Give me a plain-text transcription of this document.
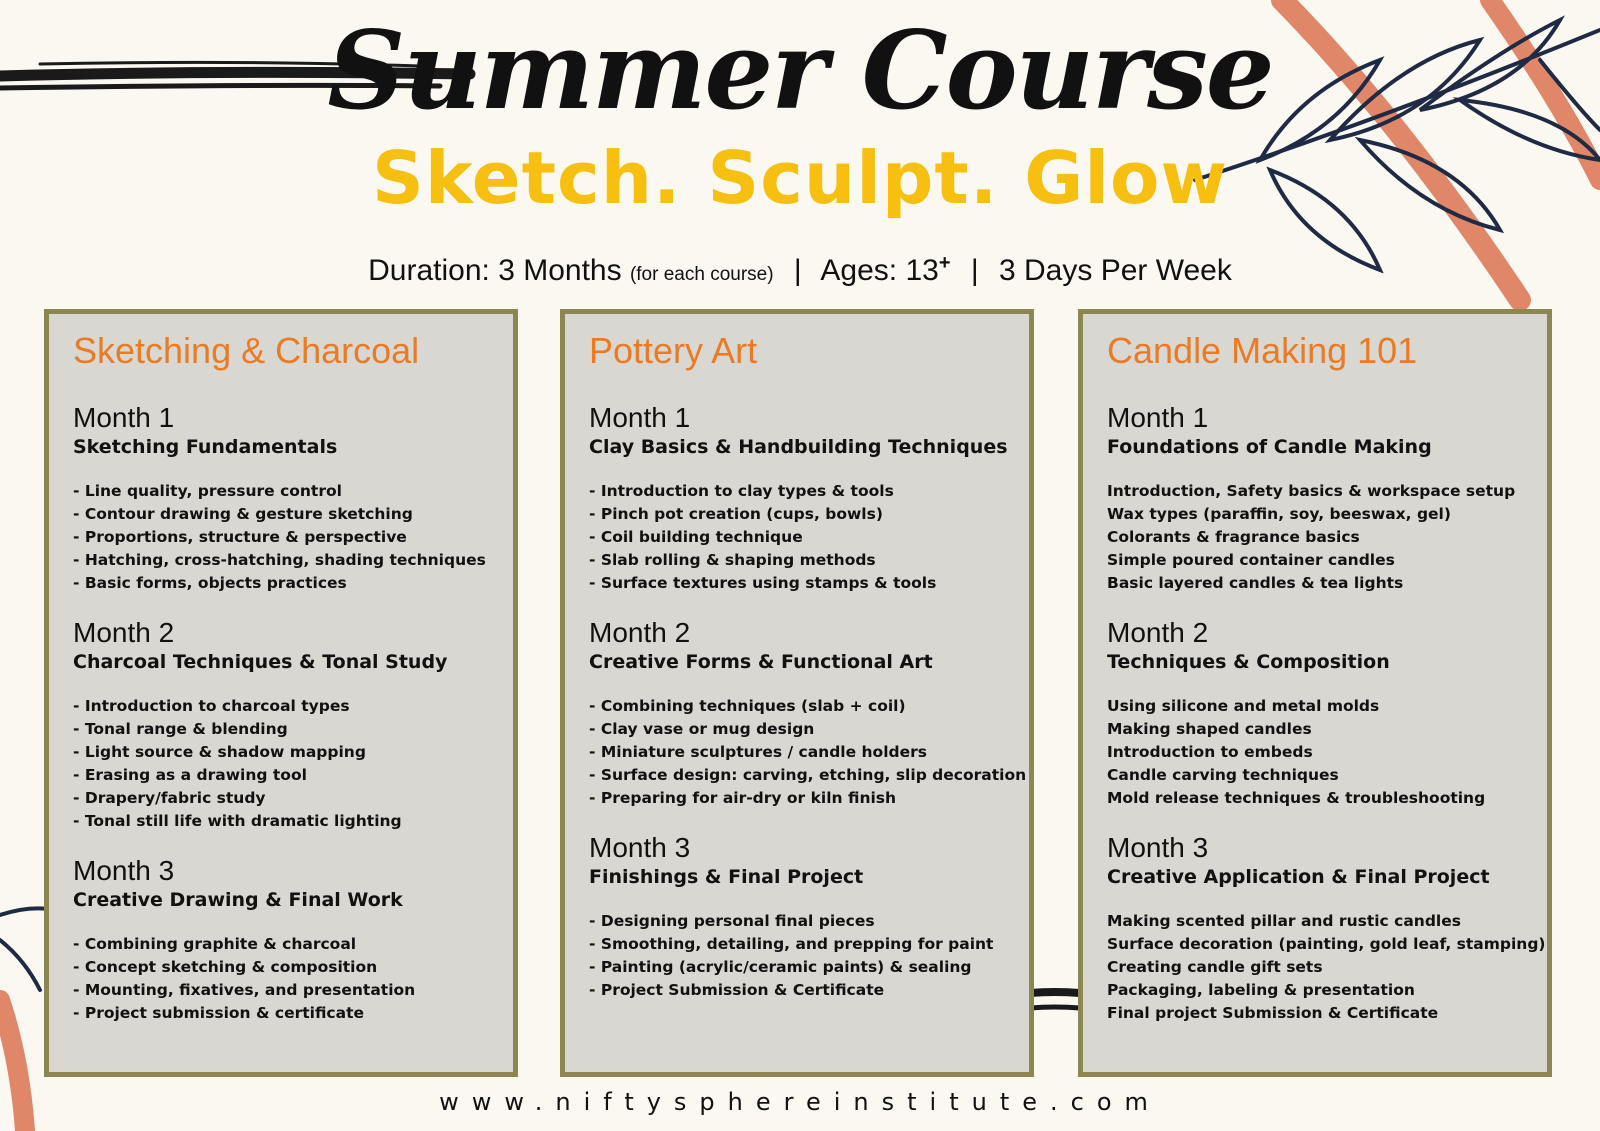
Summer Course
Sketch. Sculpt. Glow
Duration: 3 Months (for each course) | Ages: 13+ | 3 Days Per Week
Sketching & Charcoal
Month 1
Sketching Fundamentals
- Line quality, pressure control
- Contour drawing & gesture sketching
- Proportions, structure & perspective
- Hatching, cross-hatching, shading techniques
- Basic forms, objects practices
Month 2
Charcoal Techniques & Tonal Study
- Introduction to charcoal types
- Tonal range & blending
- Light source & shadow mapping
- Erasing as a drawing tool
- Drapery/fabric study
- Tonal still life with dramatic lighting
Month 3
Creative Drawing & Final Work
- Combining graphite & charcoal
- Concept sketching & composition
- Mounting, fixatives, and presentation
- Project submission & certificate
Pottery Art
Month 1
Clay Basics & Handbuilding Techniques
- Introduction to clay types & tools
- Pinch pot creation (cups, bowls)
- Coil building technique
- Slab rolling & shaping methods
- Surface textures using stamps & tools
Month 2
Creative Forms & Functional Art
- Combining techniques (slab + coil)
- Clay vase or mug design
- Miniature sculptures / candle holders
- Surface design: carving, etching, slip decoration
- Preparing for air-dry or kiln finish
Month 3
Finishings & Final Project
- Designing personal final pieces
- Smoothing, detailing, and prepping for paint
- Painting (acrylic/ceramic paints) & sealing
- Project Submission & Certificate
Candle Making 101
Month 1
Foundations of Candle Making
Introduction, Safety basics & workspace setup
Wax types (paraffin, soy, beeswax, gel)
Colorants & fragrance basics
Simple poured container candles
Basic layered candles & tea lights
Month 2
Techniques & Composition
Using silicone and metal molds
Making shaped candles
Introduction to embeds
Candle carving techniques
Mold release techniques & troubleshooting
Month 3
Creative Application & Final Project
Making scented pillar and rustic candles
Surface decoration (painting, gold leaf, stamping)
Creating candle gift sets
Packaging, labeling & presentation
Final project Submission & Certificate
www.niftysphereinstitute.com
